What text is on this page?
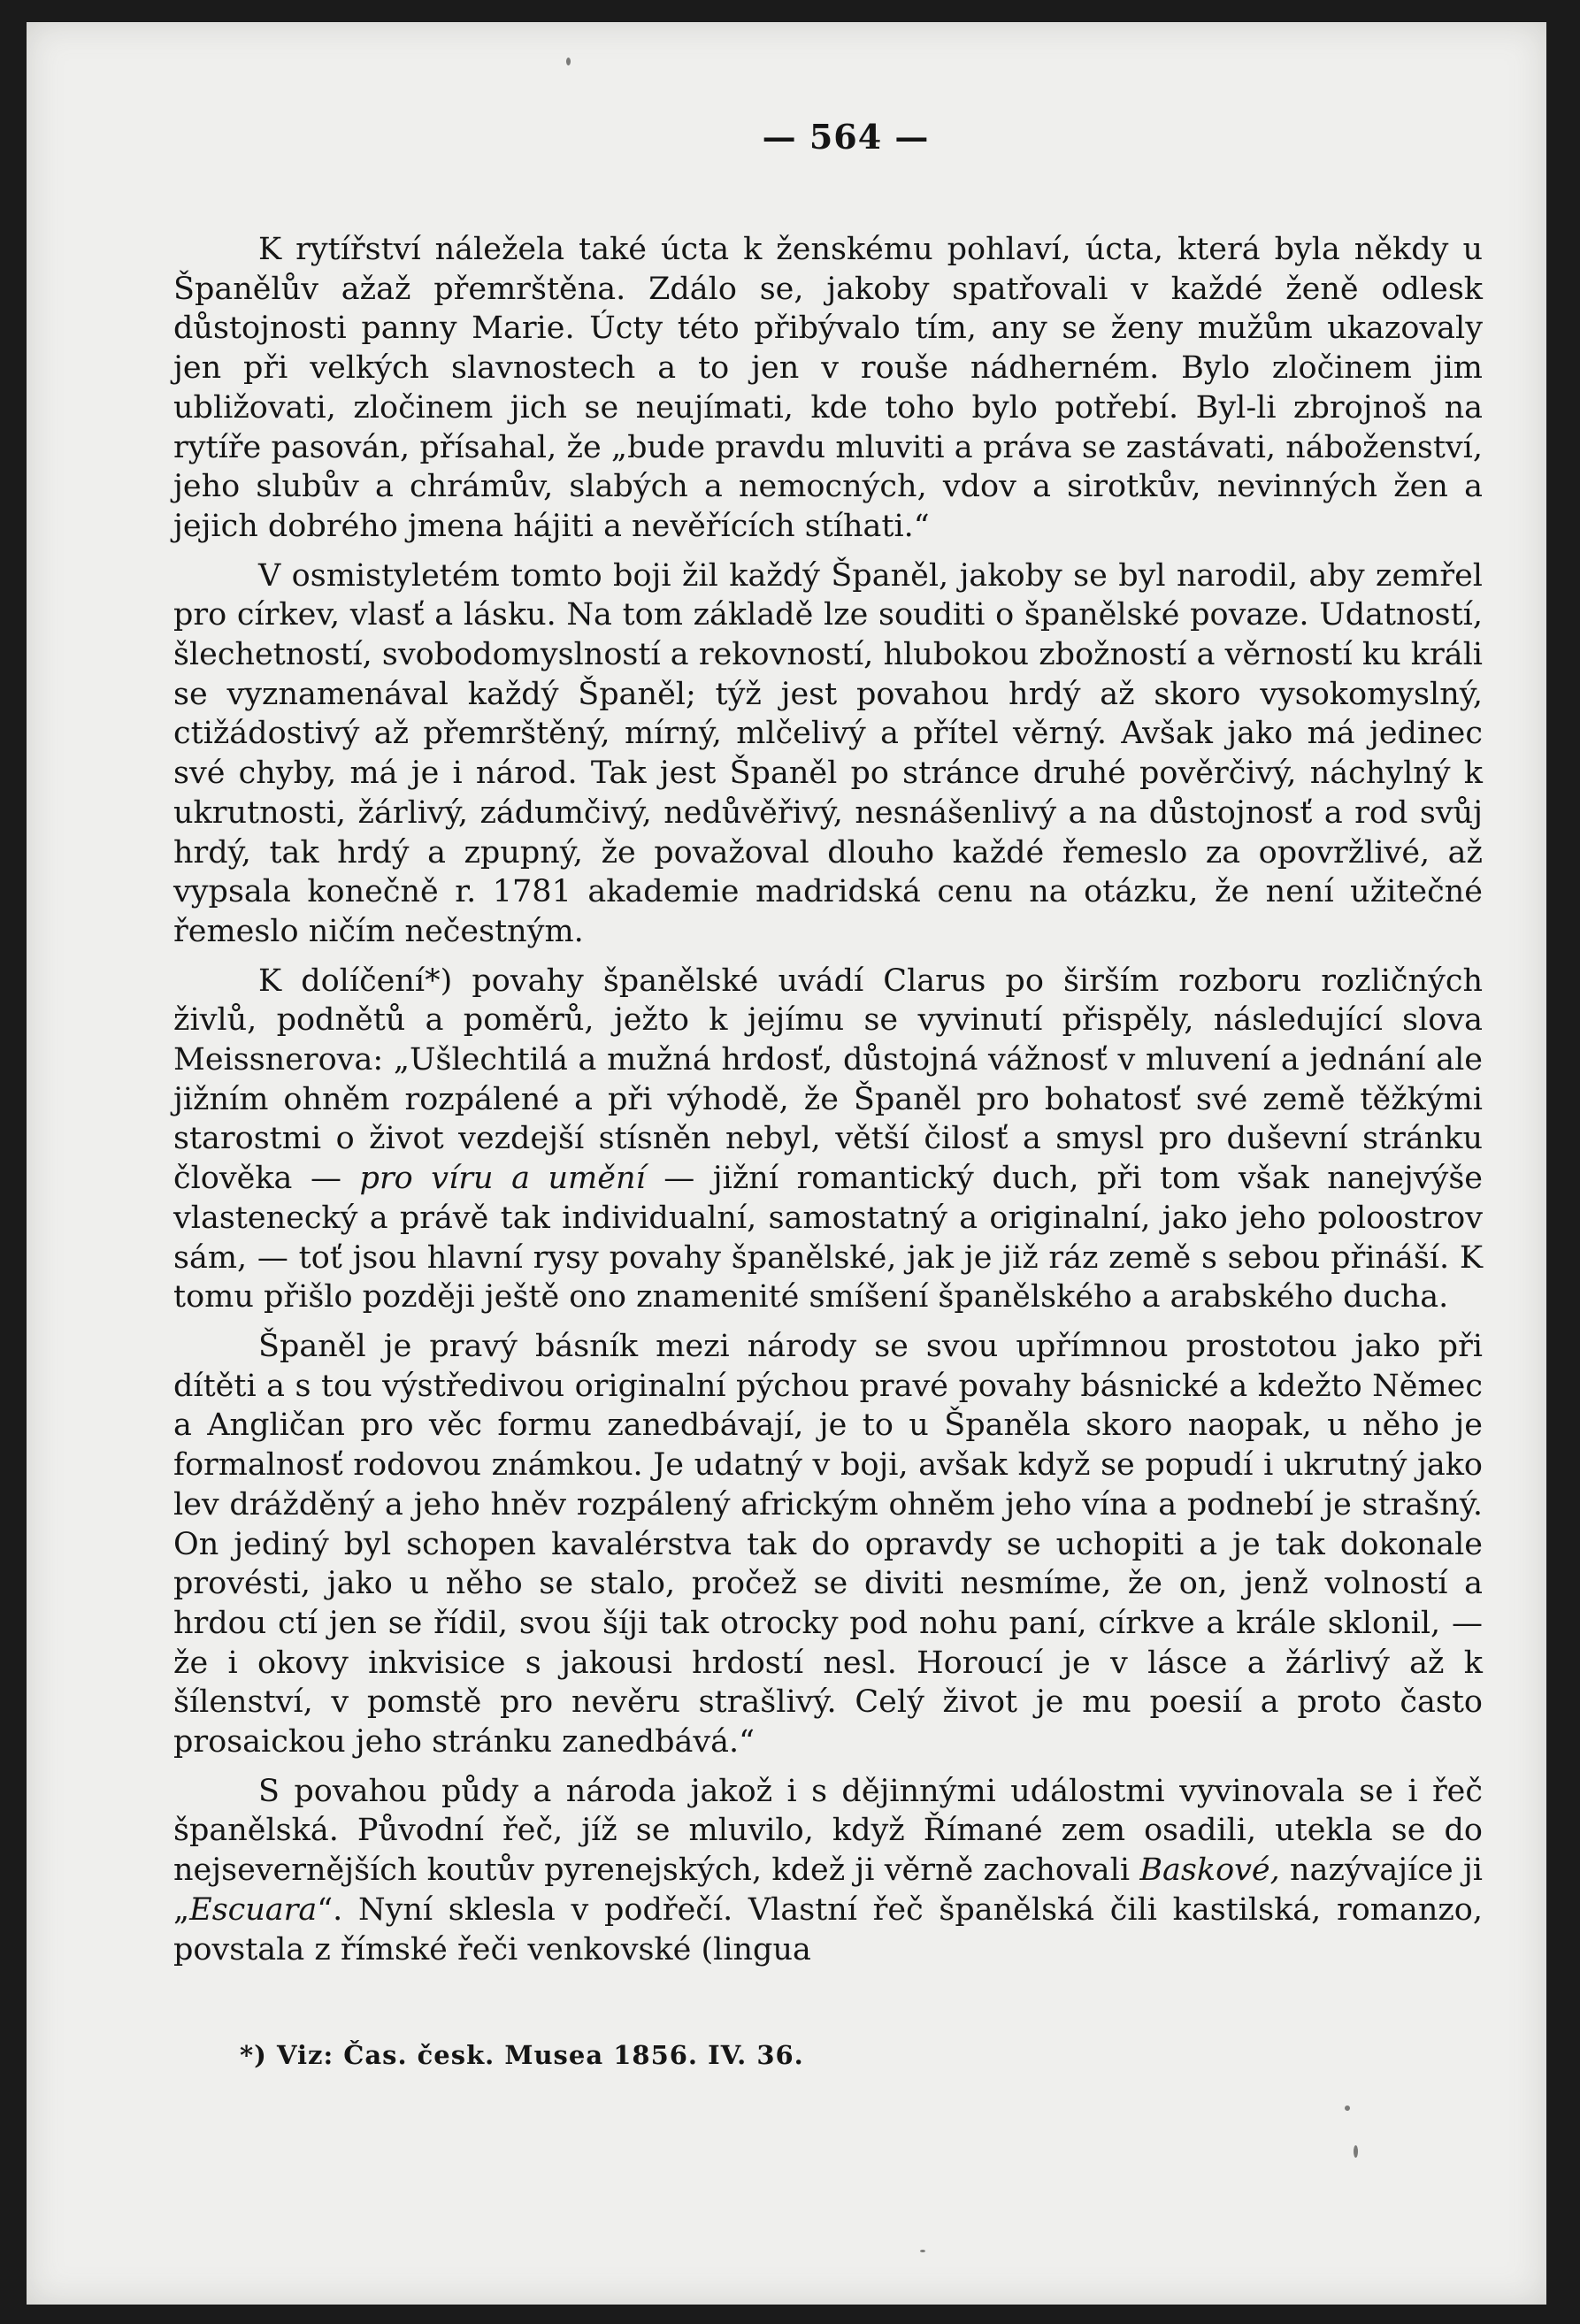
— 564 —

K rytířství náležela také úcta k ženskému pohlaví, úcta, která byla někdy u Španělův ažaž přemrštěna. Zdálo se, jakoby spatřovali v každé ženě odlesk důstojnosti panny Marie. Úcty této přibývalo tím, any se ženy mužům ukazovaly jen při velkých slavnostech a to jen v rouše nádherném. Bylo zločinem jim ubližovati, zločinem jich se neujímati, kde toho bylo potřebí. Byl-li zbrojnoš na rytíře pasován, přísahal, že „bude pravdu mluviti a práva se zastávati, náboženství, jeho slubův a chrámův, slabých a nemocných, vdov a sirotkův, nevinných žen a jejich dobrého jmena hájiti a nevěřících stíhati.“

V osmistyletém tomto boji žil každý Španěl, jakoby se byl narodil, aby zemřel pro církev, vlasť a lásku. Na tom základě lze souditi o španělské povaze. Udatností, šlechetností, svobodomyslností a rekovností, hlubokou zbožností a věrností ku králi se vyznamenával každý Španěl; týž jest povahou hrdý až skoro vysokomyslný, ctižádostivý až přemrštěný, mírný, mlčelivý a přítel věrný. Avšak jako má jedinec své chyby, má je i národ. Tak jest Španěl po stránce druhé pověrčivý, náchylný k ukrutnosti, žárlivý, zádumčivý, nedůvěřivý, nesnášenlivý a na důstojnosť a rod svůj hrdý, tak hrdý a zpupný, že považoval dlouho každé řemeslo za opovržlivé, až vypsala konečně r. 1781 akademie madridská cenu na otázku, že není užitečné řemeslo ničím nečestným.

K dolíčení*) povahy španělské uvádí Clarus po širším rozboru rozličných živlů, podnětů a poměrů, ježto k jejímu se vyvinutí přispěly, následující slova Meissnerova: „Ušlechtilá a mužná hrdosť, důstojná vážnosť v mluvení a jednání ale jižním ohněm rozpálené a při výhodě, že Španěl pro bohatosť své země těžkými starostmi o život vezdejší stísněn nebyl, větší čilosť a smysl pro duševní stránku člověka — pro víru a umění — jižní romantický duch, při tom však nanejvýše vlastenecký a právě tak individualní, samostatný a originalní, jako jeho poloostrov sám, — toť jsou hlavní rysy povahy španělské, jak je již ráz země s sebou přináší. K tomu přišlo později ještě ono znamenité smíšení španělského a arabského ducha.

Španěl je pravý básník mezi národy se svou upřímnou prostotou jako při dítěti a s tou výstředivou originalní pýchou pravé povahy básnické a kdežto Němec a Angličan pro věc formu zanedbávají, je to u Španěla skoro naopak, u něho je formalnosť rodovou známkou. Je udatný v boji, avšak když se popudí i ukrutný jako lev drážděný a jeho hněv rozpálený africkým ohněm jeho vína a podnebí je strašný. On jediný byl schopen kavalérstva tak do opravdy se uchopiti a je tak dokonale provésti, jako u něho se stalo, pročež se diviti nesmíme, že on, jenž volností a hrdou ctí jen se řídil, svou šíji tak otrocky pod nohu paní, církve a krále sklonil, — že i okovy inkvisice s jakousi hrdostí nesl. Horoucí je v lásce a žárlivý až k šílenství, v pomstě pro nevěru strašlivý. Celý život je mu poesií a proto často prosaickou jeho stránku zanedbává.“

S povahou půdy a národa jakož i s dějinnými událostmi vyvinovala se i řeč španělská. Původní řeč, jíž se mluvilo, když Římané zem osadili, utekla se do nejsevernějších koutův pyrenejských, kdež ji věrně zachovali Baskové, nazývajíce ji „Escuara“. Nyní sklesla v podřečí. Vlastní řeč španělská čili kastilská, romanzo, povstala z římské řeči venkovské (lingua

*) Viz: Čas. česk. Musea 1856. IV. 36.
